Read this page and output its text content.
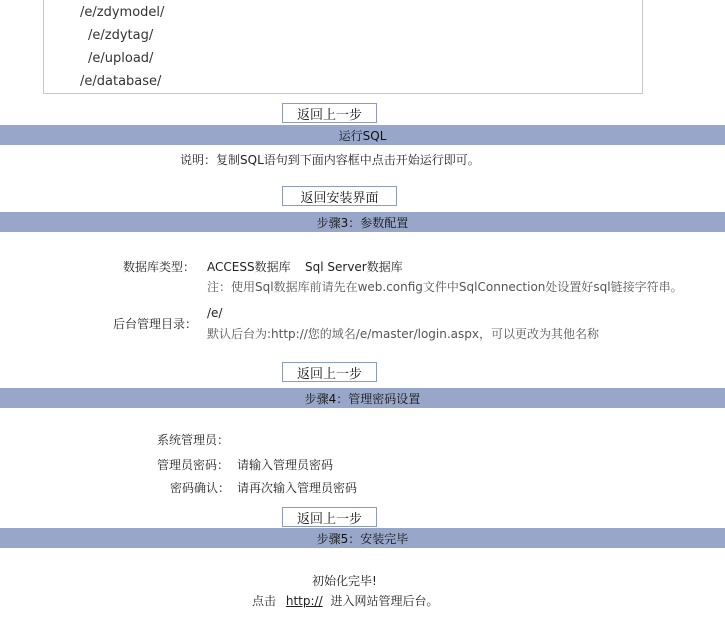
/e/zdymodel/
/e/zdytag/
/e/upload/
/e/database/
返回上一步
运行SQL
说明：复制SQL语句到下面内容框中点击开始运行即可。
返回安装界面
步骤3：参数配置
数据库类型： ACCESS数据库 Sql Server数据库
注：使用Sql数据库前请先在web.config文件中SqlConnection处设置好sql链接字符串。
后台管理目录：
/e/
默认后台为:http://您的域名/e/master/login.aspx，可以更改为其他名称
返回上一步
步骤4：管理密码设置
系统管理员：
管理员密码： 请输入管理员密码
密码确认： 请再次输入管理员密码
返回上一步
步骤5：安装完毕
初始化完毕!
点击 http:// 进入网站管理后台。
